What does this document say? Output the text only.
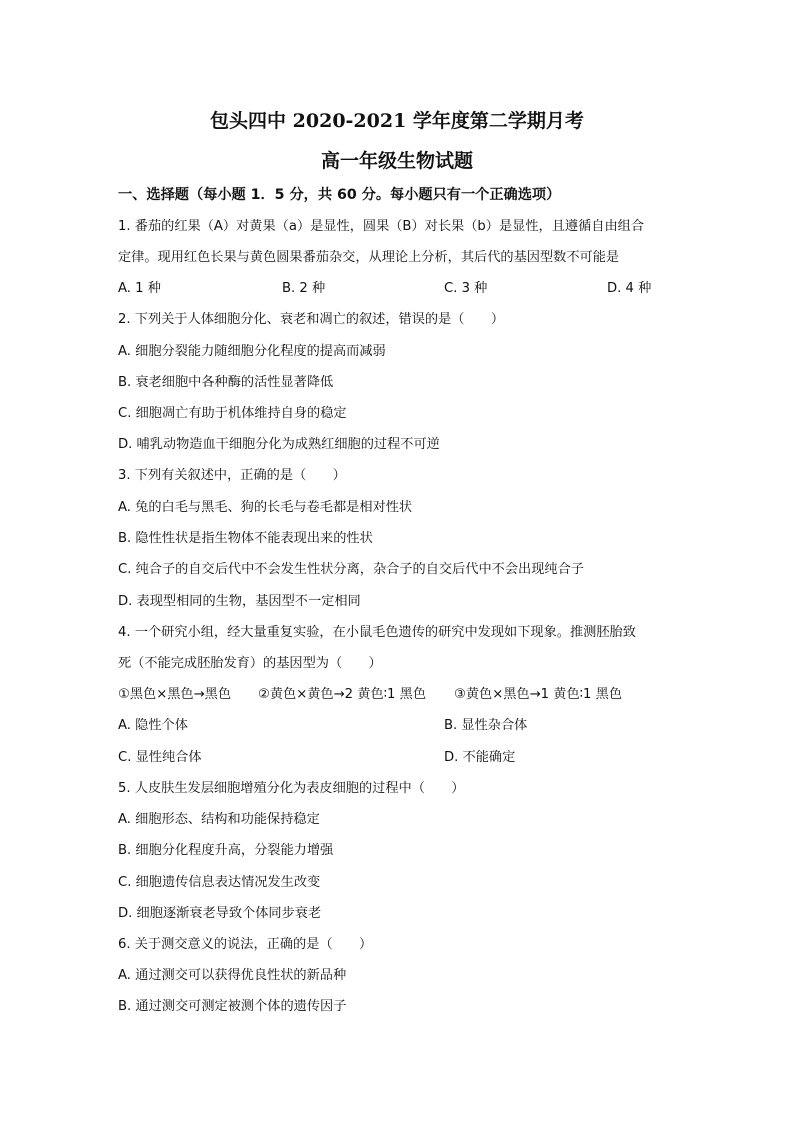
包头四中 2020-2021 学年度第二学期月考
高一年级生物试题
一、选择题（每小题 1．5 分，共 60 分。每小题只有一个正确选项）
1. 番茄的红果（A）对黄果（a）是显性，圆果（B）对长果（b）是显性，且遵循自由组合
定律。现用红色长果与黄色圆果番茄杂交，从理论上分析，其后代的基因型数不可能是
A. 1 种	B. 2 种	C. 3 种	D. 4 种
2. 下列关于人体细胞分化、衰老和凋亡的叙述，错误的是（　　）
A. 细胞分裂能力随细胞分化程度的提高而减弱
B. 衰老细胞中各种酶的活性显著降低
C. 细胞凋亡有助于机体维持自身的稳定
D. 哺乳动物造血干细胞分化为成熟红细胞的过程不可逆
3. 下列有关叙述中，正确的是（　　）
A. 兔的白毛与黑毛、狗的长毛与卷毛都是相对性状
B. 隐性性状是指生物体不能表现出来的性状
C. 纯合子的自交后代中不会发生性状分离，杂合子的自交后代中不会出现纯合子
D. 表现型相同的生物，基因型不一定相同
4. 一个研究小组，经大量重复实验，在小鼠毛色遗传的研究中发现如下现象。推测胚胎致
死（不能完成胚胎发育）的基因型为（　　）
①黑色×黑色→黑色 ②黄色×黄色→2 黄色∶1 黑色 ③黄色×黑色→1 黄色∶1 黑色
A. 隐性个体	B. 显性杂合体
C. 显性纯合体	D. 不能确定
5. 人皮肤生发层细胞增殖分化为表皮细胞的过程中（　　）
A. 细胞形态、结构和功能保持稳定
B. 细胞分化程度升高，分裂能力增强
C. 细胞遗传信息表达情况发生改变
D. 细胞逐渐衰老导致个体同步衰老
6. 关于测交意义的说法，正确的是（　　）
A. 通过测交可以获得优良性状的新品种
B. 通过测交可测定被测个体的遗传因子
